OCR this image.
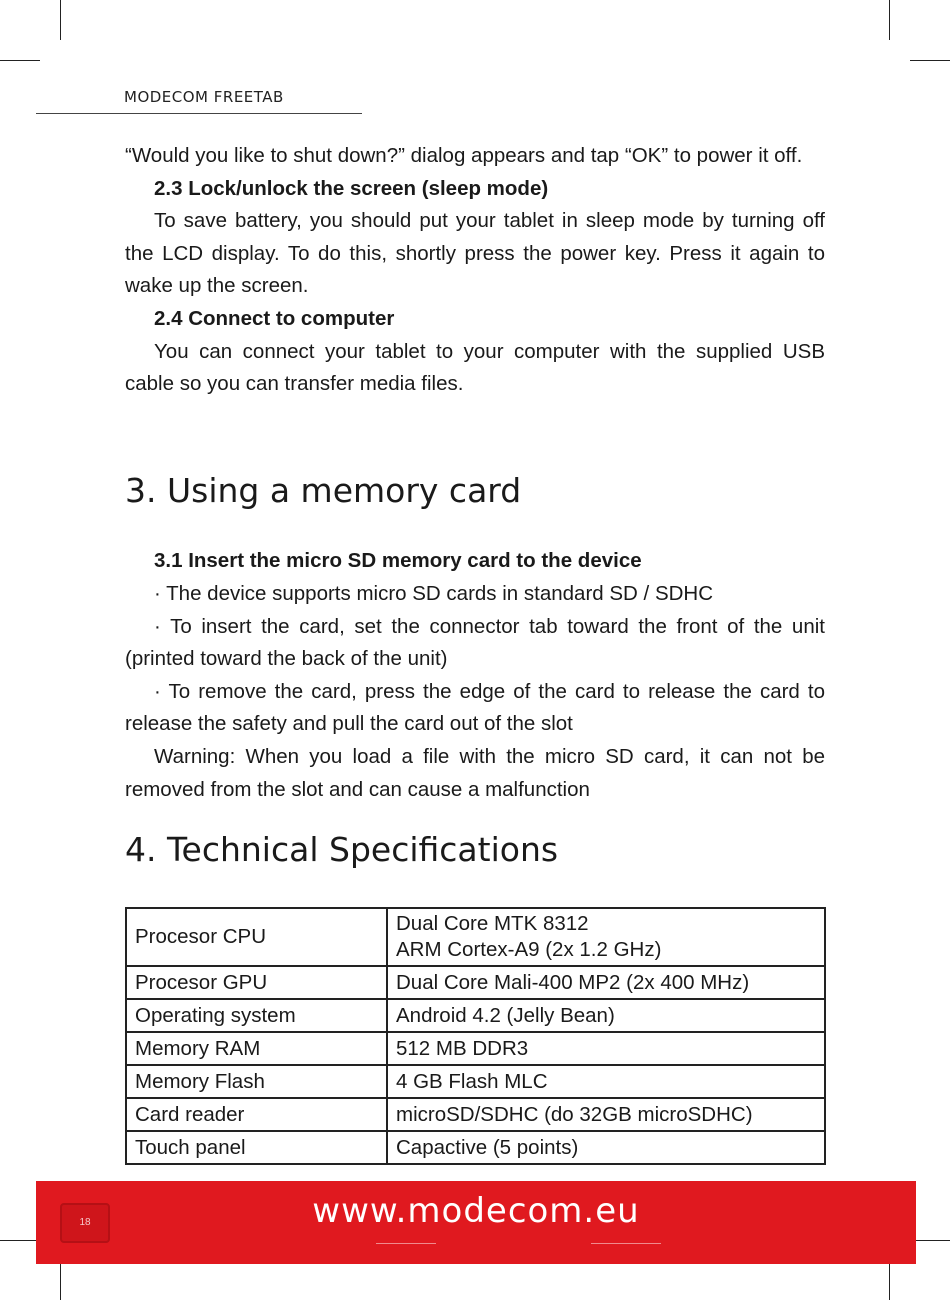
MODECOM FREETAB

“Would you like to shut down?” dialog appears and tap “OK” to power it off.

2.3 Lock/unlock the screen (sleep mode)

To save battery, you should put your tablet in sleep mode by turning off the LCD display. To do this, shortly press the power key. Press it again to wake up the screen.

2.4 Connect to computer

You can connect your tablet to your computer with the supplied USB cable so you can transfer media files.

3. Using a memory card

3.1 Insert the micro SD memory card to the device

· The device supports micro SD cards in standard SD / SDHC

· To insert the card, set the connector tab toward the front of the unit (printed toward the back of the unit)

· To remove the card, press the edge of the card to release the card to release the safety and pull the card out of the slot

Warning: When you load a file with the micro SD card, it can not be removed from the slot and can cause a malfunction

4. Technical Specifications
Procesor CPU	Dual Core MTK 8312
ARM Cortex-A9 (2x 1.2 GHz)

Procesor GPU	Dual Core Mali-400 MP2 (2x 400 MHz)
Operating system	Android 4.2 (Jelly Bean)
Memory RAM	512 MB DDR3
Memory Flash	4 GB Flash MLC
Card reader	microSD/SDHC (do 32GB microSDHC)
Touch panel	Capactive (5 points)
18	www.modecom.eu
